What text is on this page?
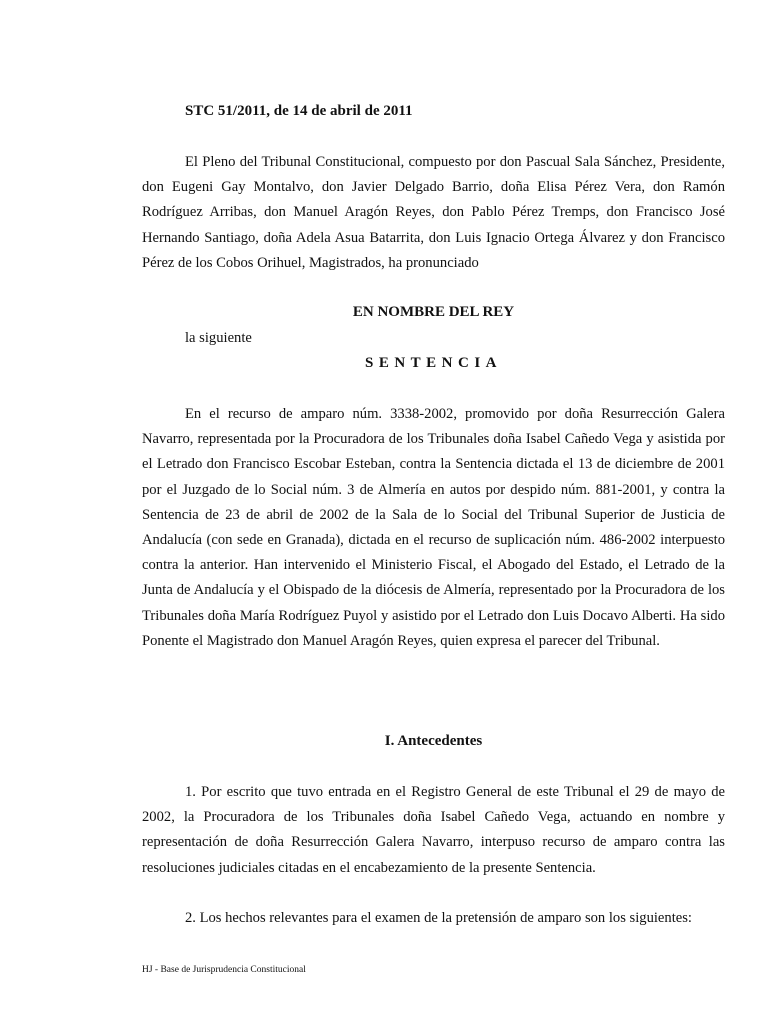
STC 51/2011, de 14 de abril de 2011

El Pleno del Tribunal Constitucional, compuesto por don Pascual Sala Sánchez, Presidente, don Eugeni Gay Montalvo, don Javier Delgado Barrio, doña Elisa Pérez Vera, don Ramón Rodríguez Arribas, don Manuel Aragón Reyes, don Pablo Pérez Tremps, don Francisco José Hernando Santiago, doña Adela Asua Batarrita, don Luis Ignacio Ortega Álvarez y don Francisco Pérez de los Cobos Orihuel, Magistrados, ha pronunciado

EN NOMBRE DEL REY
la siguiente
SENTENCIA

En el recurso de amparo núm. 3338-2002, promovido por doña Resurrección Galera Navarro, representada por la Procuradora de los Tribunales doña Isabel Cañedo Vega y asistida por el Letrado don Francisco Escobar Esteban, contra la Sentencia dictada el 13 de diciembre de 2001 por el Juzgado de lo Social núm. 3 de Almería en autos por despido núm. 881-2001, y contra la Sentencia de 23 de abril de 2002 de la Sala de lo Social del Tribunal Superior de Justicia de Andalucía (con sede en Granada), dictada en el recurso de suplicación núm. 486-2002 interpuesto contra la anterior. Han intervenido el Ministerio Fiscal, el Abogado del Estado, el Letrado de la Junta de Andalucía y el Obispado de la diócesis de Almería, representado por la Procuradora de los Tribunales doña María Rodríguez Puyol y asistido por el Letrado don Luis Docavo Alberti. Ha sido Ponente el Magistrado don Manuel Aragón Reyes, quien expresa el parecer del Tribunal.

I. Antecedentes

1. Por escrito que tuvo entrada en el Registro General de este Tribunal el 29 de mayo de 2002, la Procuradora de los Tribunales doña Isabel Cañedo Vega, actuando en nombre y representación de doña Resurrección Galera Navarro, interpuso recurso de amparo contra las resoluciones judiciales citadas en el encabezamiento de la presente Sentencia.

2. Los hechos relevantes para el examen de la pretensión de amparo son los siguientes:

HJ - Base de Jurisprudencia Constitucional
